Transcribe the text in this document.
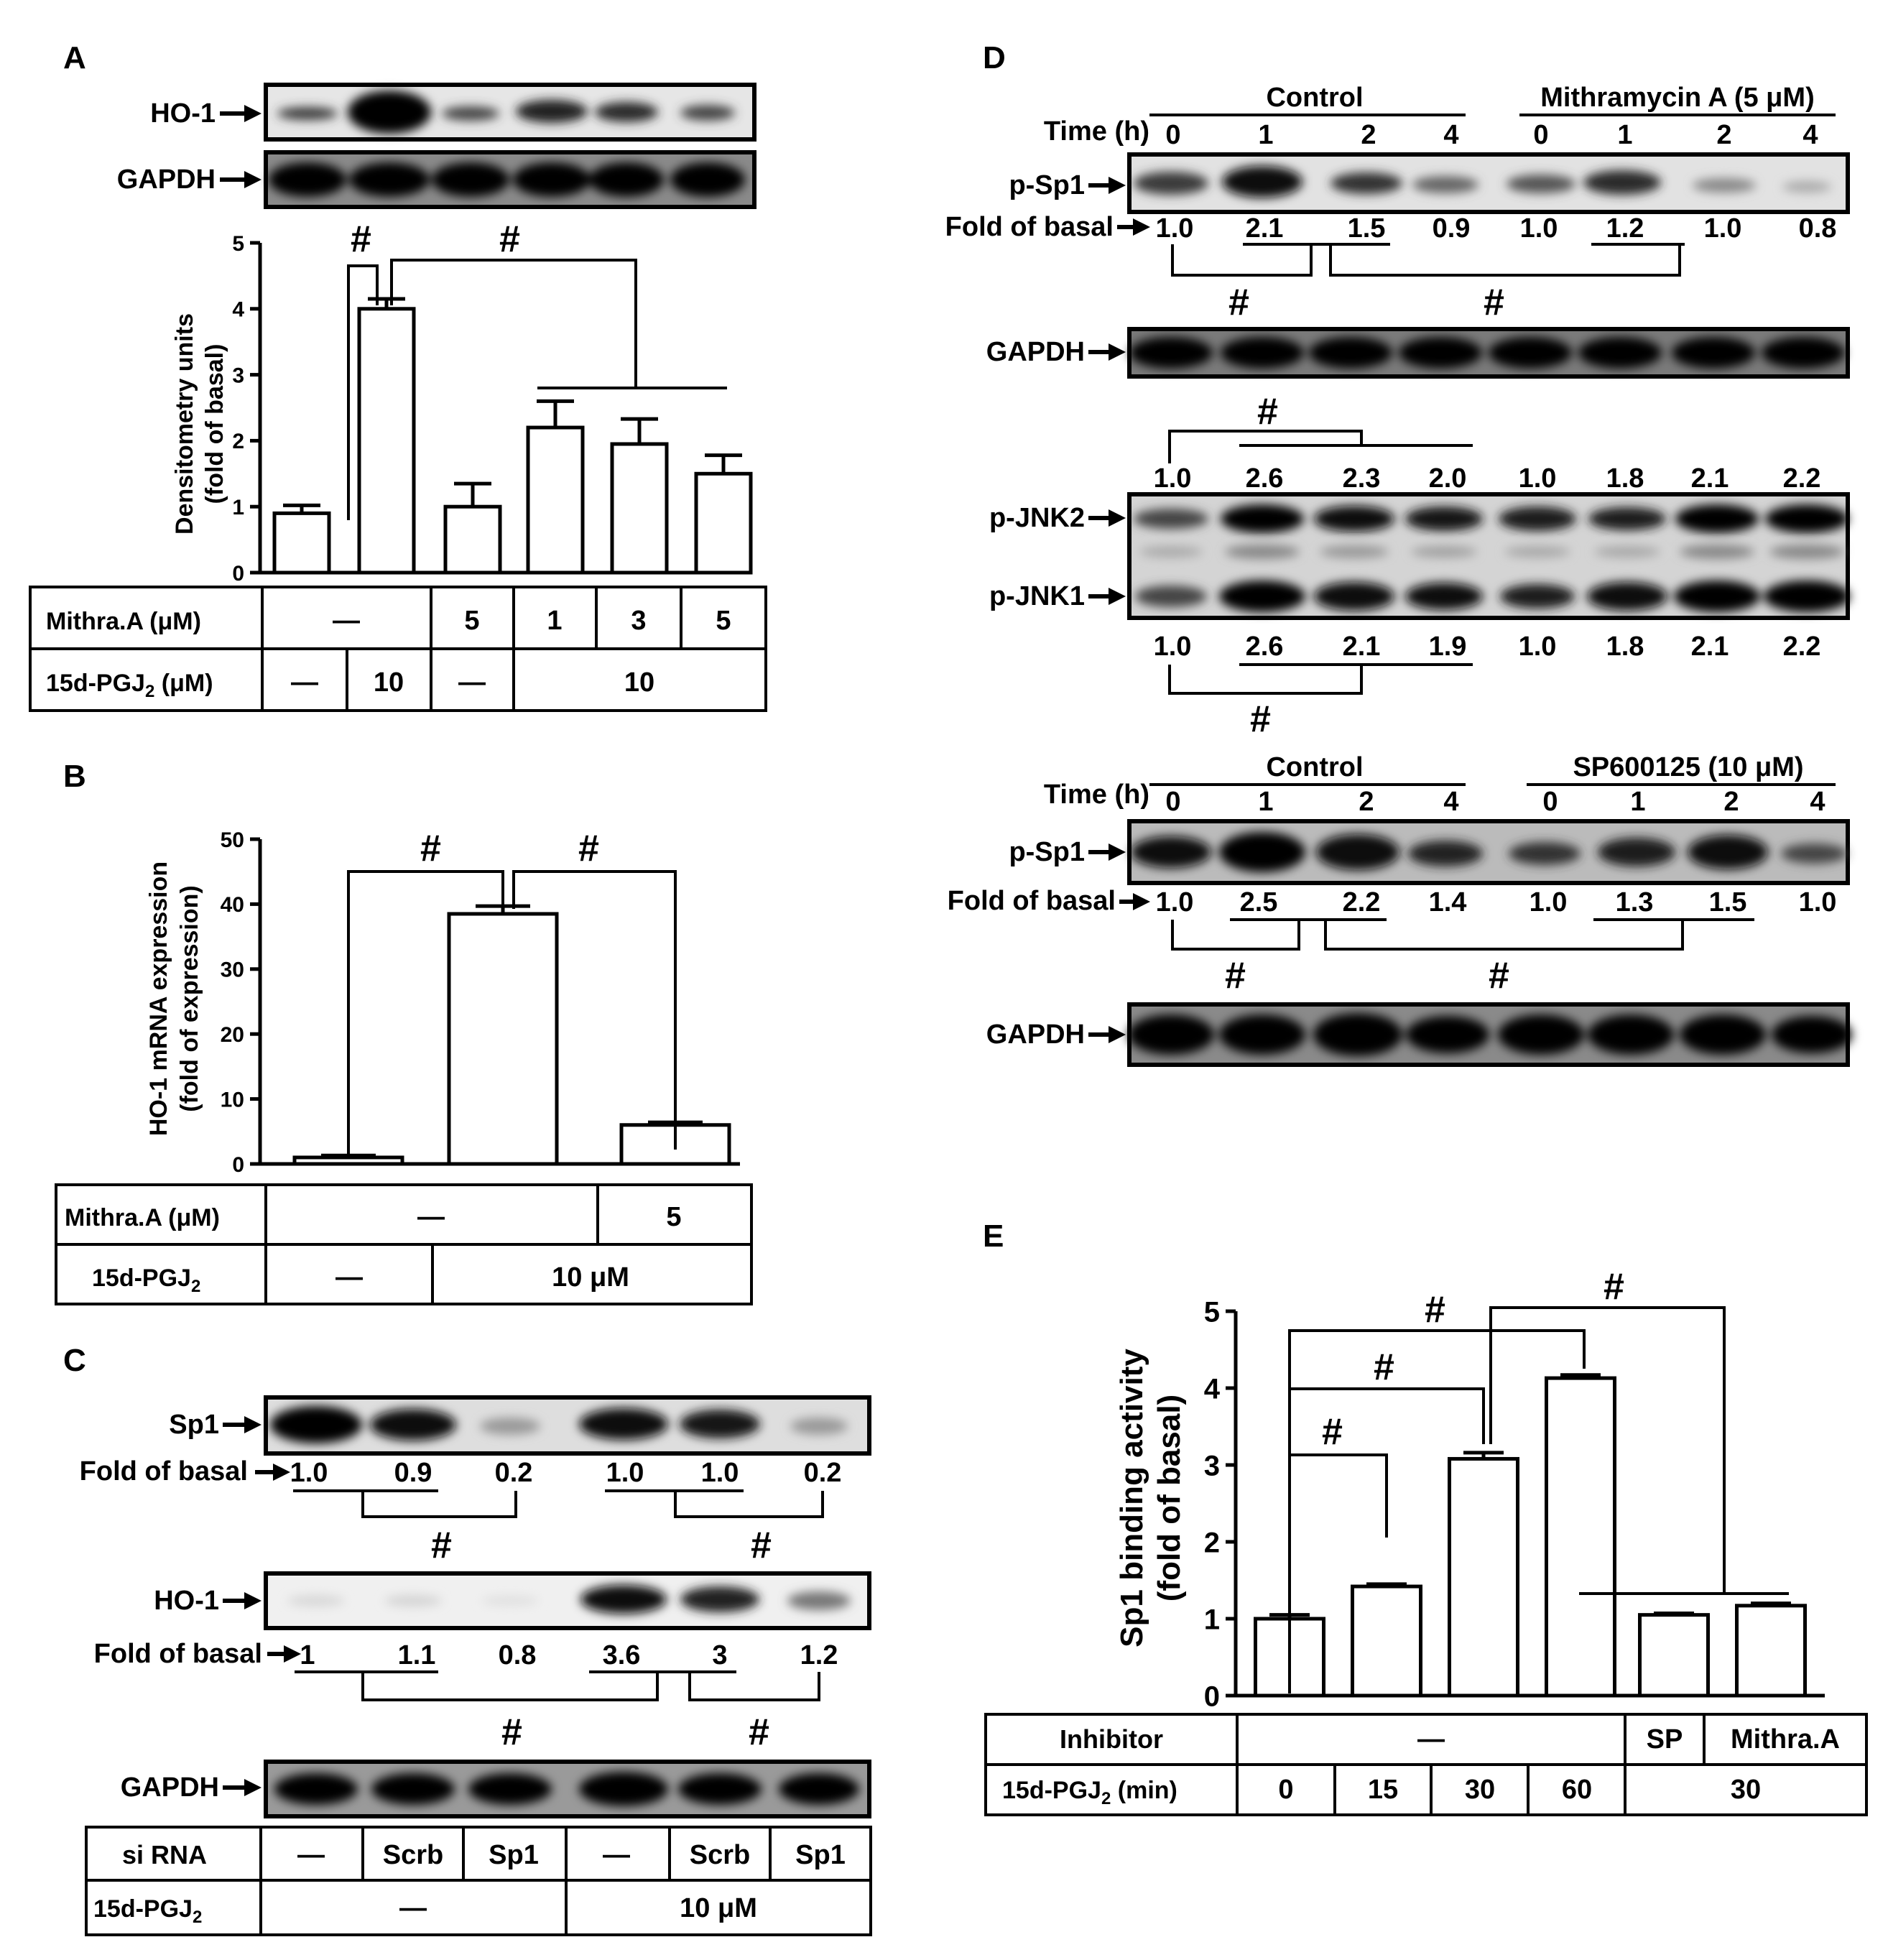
A
HO-1
GAPDH
0
1
2
3
4
5
Densitometry units (fold of basal)
#	#
Mithra.A (μM)	—	5 1	3	5
$15d-PGJ_2$ (μM)	— 10 —	10
B
0
10
20
30
40
50
HO-1 mRNA expression (fold of expression)
#	#
Mithra.A (μM)	—	5
$15d-PGJ_2$	—	10 μM
C
Sp1
Fold of basal 1.0 0.9 0.2	1.0 1.0 0.2
#	#
HO-1
Fold of basal 1	1.1 0.8 3.6	3	1.2
#	#
GAPDH
si RNA	— Scrb Sp1 — Scrb Sp1
$15d-PGJ_2$	—	10 μM
D
Control	Mithramycin A (5 μM)
Time (h) 0	1	2 4	0	1	2	4
p-Sp1
Fold of basal 1.0 2.1 1.5 0.9 1.0 1.2 1.0 0.8
#	#
GAPDH
#
1.0 2.6 2.3 2.0 1.0 1.8 2.1 2.2
p-JNK2
p-JNK1
1.0 2.6 2.1 1.9 1.0 1.8 2.1 2.2
#
Control	SP600125 (10 μM)
Time (h) 0	1	2	4	0	1	2	4
p-Sp1
Fold of basal 1.0 2.5 2.2 1.4 1.0 1.3 1.5 1.0
#	#
GAPDH
E
0
1
2
3
4
5
Sp1 binding activity (fold of basal)	#
#
#
#
Inhibitor	—	SP Mithra.A
$15d-PGJ_2$ (min)	0	15 30 60	30
